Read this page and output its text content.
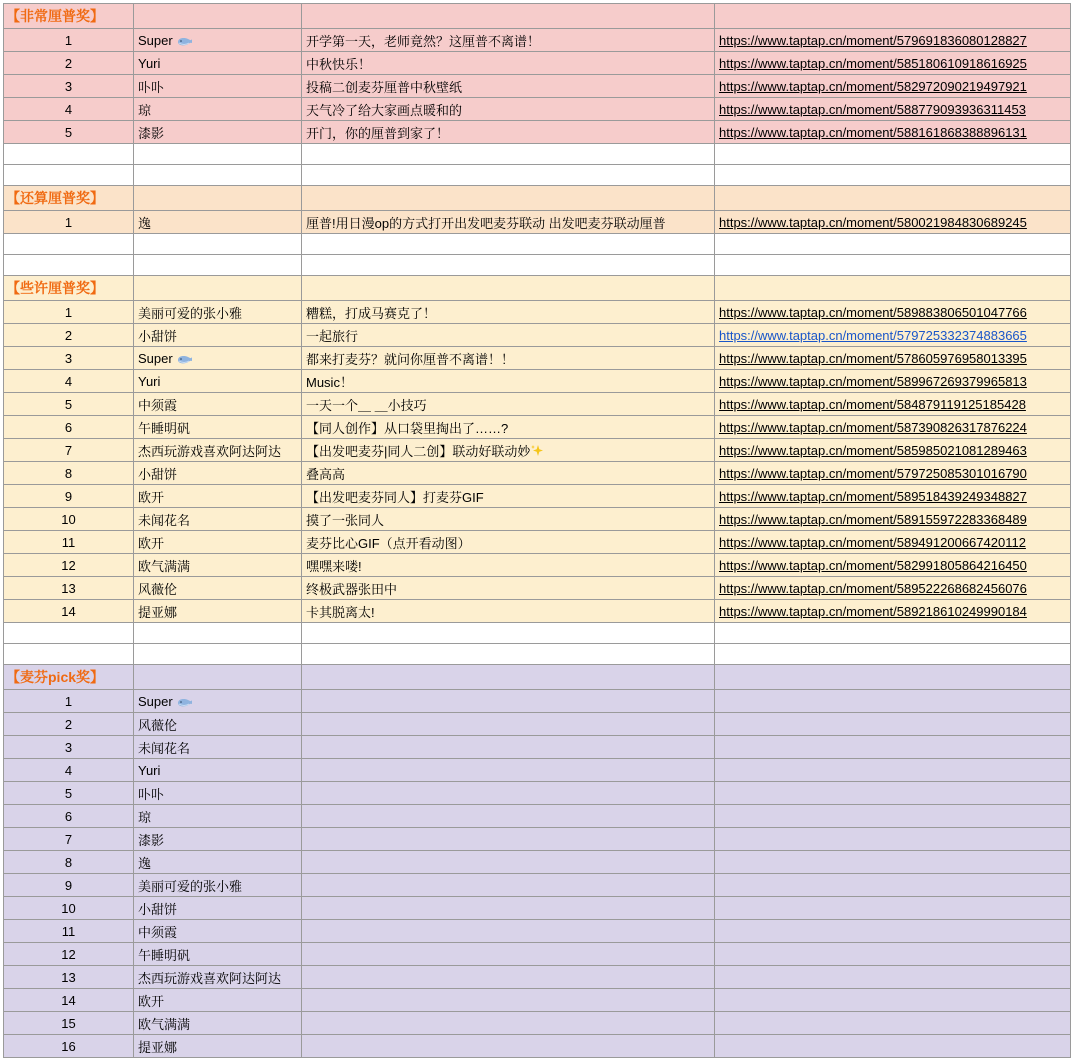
【非常厘普奖】			
1	Super	开学第一天，老师竟然？这厘普不离谱！	https://www.taptap.cn/moment/579691836080128827
2	Yuri	中秋快乐！	https://www.taptap.cn/moment/585180610918616925
3	卟卟	投稿二创麦芬厘普中秋壁纸	https://www.taptap.cn/moment/582972090219497921
4	琼	天气冷了给大家画点暖和的	https://www.taptap.cn/moment/588779093936311453
5	漆影	开门，你的厘普到家了！	https://www.taptap.cn/moment/588161868388896131

【还算厘普奖】			
1	逸	厘普!用日漫op的方式打开出发吧麦芬联动 出发吧麦芬联动厘普	https://www.taptap.cn/moment/580021984830689245

【些许厘普奖】			
1	美丽可爱的张小雅	糟糕，打成马赛克了！	https://www.taptap.cn/moment/589883806501047766
2	小甜饼	一起旅行	https://www.taptap.cn/moment/579725332374883665
3	Super	都来打麦芬？就问你厘普不离谱！！	https://www.taptap.cn/moment/578605976958013395
4	Yuri	Music！	https://www.taptap.cn/moment/589967269379965813
5	中须霞	一天一个＿ ＿小技巧	https://www.taptap.cn/moment/584879119125185428
6	午睡明矾	【同人创作】从口袋里掏出了……?	https://www.taptap.cn/moment/587390826317876224
7	杰西玩游戏喜欢阿达阿达	【出发吧麦芬|同人二创】联动好联动妙	https://www.taptap.cn/moment/585985021081289463
8	小甜饼	叠高高	https://www.taptap.cn/moment/579725085301016790
9	欧开	【出发吧麦芬同人】打麦芬GIF	https://www.taptap.cn/moment/589518439249348827
10	未闻花名	摸了一张同人	https://www.taptap.cn/moment/589155972283368489
11	欧开	麦芬比心GIF（点开看动图）	https://www.taptap.cn/moment/589491200667420112
12	欧气满满	嘿嘿来喽!	https://www.taptap.cn/moment/582991805864216450
13	风薇伦	终极武器张田中	https://www.taptap.cn/moment/589522268682456076
14	提亚娜	卡其脱离太!	https://www.taptap.cn/moment/589218610249990184

【麦芬pick奖】			
1	Super		
2	风薇伦		
3	未闻花名		
4	Yuri		
5	卟卟		
6	琼		
7	漆影		
8	逸		
9	美丽可爱的张小雅		
10	小甜饼		
11	中须霞		
12	午睡明矾		
13	杰西玩游戏喜欢阿达阿达		
14	欧开		
15	欧气满满		
16	提亚娜		
